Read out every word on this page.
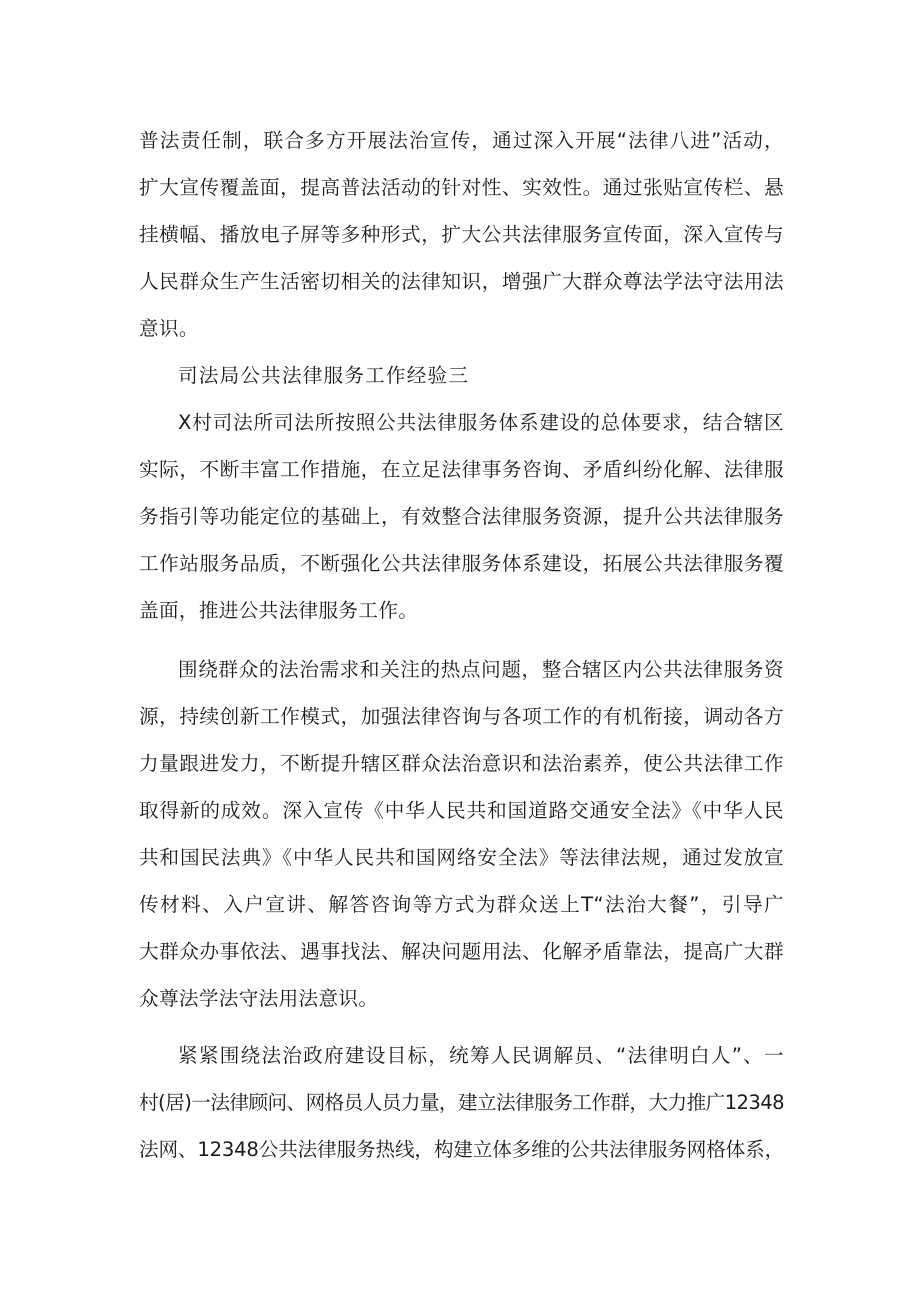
普法责任制，联合多方开展法治宣传，通过深入开展“法律八进”活动，
扩大宣传覆盖面，提高普法活动的针对性、实效性。通过张贴宣传栏、悬
挂横幅、播放电子屏等多种形式，扩大公共法律服务宣传面，深入宣传与
人民群众生产生活密切相关的法律知识，增强广大群众尊法学法守法用法
意识。
司法局公共法律服务工作经验三
X村司法所司法所按照公共法律服务体系建设的总体要求，结合辖区
实际，不断丰富工作措施，在立足法律事务咨询、矛盾纠纷化解、法律服
务指引等功能定位的基础上，有效整合法律服务资源，提升公共法律服务
工作站服务品质，不断强化公共法律服务体系建设，拓展公共法律服务覆
盖面，推进公共法律服务工作。
围绕群众的法治需求和关注的热点问题，整合辖区内公共法律服务资
源，持续创新工作模式，加强法律咨询与各项工作的有机衔接，调动各方
力量跟进发力，不断提升辖区群众法治意识和法治素养，使公共法律工作
取得新的成效。深入宣传《中华人民共和国道路交通安全法》《中华人民
共和国民法典》《中华人民共和国网络安全法》等法律法规，通过发放宣
传材料、入户宣讲、解答咨询等方式为群众送上T“法治大餐”，引导广
大群众办事依法、遇事找法、解决问题用法、化解矛盾靠法，提高广大群
众尊法学法守法用法意识。
紧紧围绕法治政府建设目标，统筹人民调解员、“法律明白人”、一
村(居)一法律顾问、网格员人员力量，建立法律服务工作群，大力推广12348
法网、12348公共法律服务热线，构建立体多维的公共法律服务网格体系，
